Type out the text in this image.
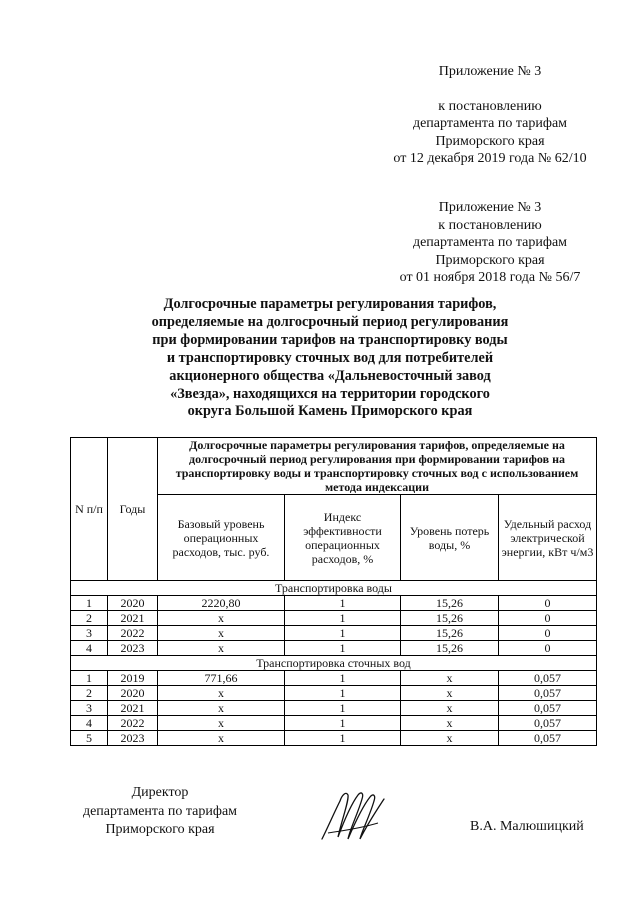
Приложение № 3
к постановлению
департамента по тарифам
Приморского края
от 12 декабря 2019 года № 62/10
Приложение № 3
к постановлению
департамента по тарифам
Приморского края
от 01 ноября 2018 года № 56/7
Долгосрочные параметры регулирования тарифов,
определяемые на долгосрочный период регулирования
при формировании тарифов на транспортировку воды
и транспортировку сточных вод для потребителей
акционерного общества «Дальневосточный завод
«Звезда», находящихся на территории городского
округа Большой Камень Приморского края
N п/п	Годы	Долгосрочные параметры регулирования тарифов, определяемые на долгосрочный период регулирования при формировании тарифов на транспортировку воды и транспортировку сточных вод с использованием метода индексации			
		Базовый уровень операционных расходов, тыс. руб.	Индекс эффективности операционных расходов, %	Уровень потерь воды, %	Удельный расход электрической энергии, кВт ч/м3
Транспортировка воды					
1	2020	2220,80	1	15,26	0
2	2021	x	1	15,26	0
3	2022	x	1	15,26	0
4	2023	x	1	15,26	0
Транспортировка сточных вод					
1	2019	771,66	1	x	0,057
2	2020	x	1	x	0,057
3	2021	x	1	x	0,057
4	2022	x	1	x	0,057
5	2023	x	1	x	0,057
Директор
департамента по тарифам
Приморского края	В.А. Малюшицкий
